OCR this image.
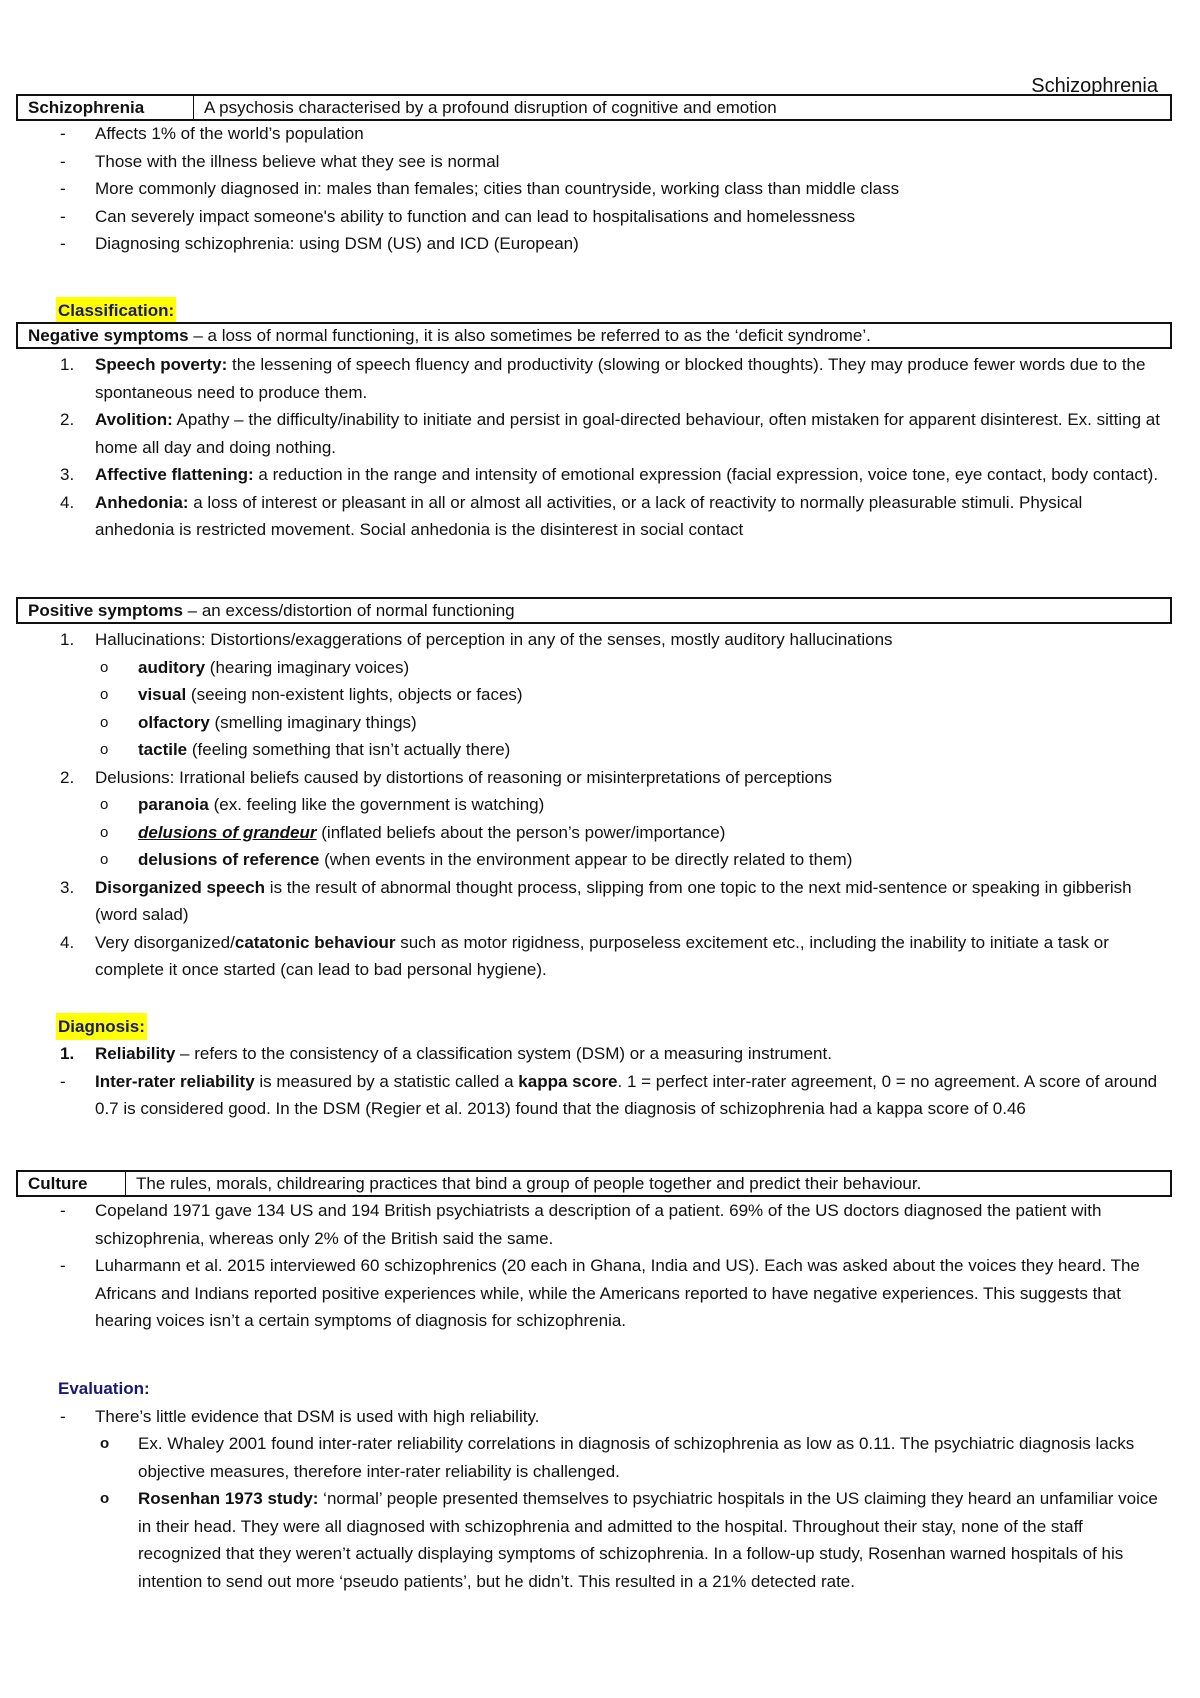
Schizophrenia
Schizophrenia	A psychosis characterised by a profound disruption of cognitive and emotion
-	Affects 1% of the world’s population
-	Those with the illness believe what they see is normal
-	More commonly diagnosed in: males than females; cities than countryside, working class than middle class
-	Can severely impact someone's ability to function and can lead to hospitalisations and homelessness
-	Diagnosing schizophrenia: using DSM (US) and ICD (European)
Classification:
Negative symptoms – a loss of normal functioning, it is also sometimes be referred to as the ‘deficit syndrome’.
1.	Speech poverty: the lessening of speech fluency and productivity (slowing or blocked thoughts). They may produce fewer words due to the spontaneous need to produce them.
2.	Avolition: Apathy – the difficulty/inability to initiate and persist in goal-directed behaviour, often mistaken for apparent disinterest. Ex. sitting at home all day and doing nothing.
3.	Affective flattening: a reduction in the range and intensity of emotional expression (facial expression, voice tone, eye contact, body contact).
4.	Anhedonia: a loss of interest or pleasant in all or almost all activities, or a lack of reactivity to normally pleasurable stimuli. Physical anhedonia is restricted movement. Social anhedonia is the disinterest in social contact
Positive symptoms – an excess/distortion of normal functioning
1.	Hallucinations: Distortions/exaggerations of perception in any of the senses, mostly auditory hallucinations
o	auditory (hearing imaginary voices)
o	visual (seeing non-existent lights, objects or faces)
o	olfactory (smelling imaginary things)
o	tactile (feeling something that isn’t actually there)
2.	Delusions: Irrational beliefs caused by distortions of reasoning or misinterpretations of perceptions
o	paranoia (ex. feeling like the government is watching)
o	delusions of grandeur (inflated beliefs about the person’s power/importance)
o	delusions of reference (when events in the environment appear to be directly related to them)
3.	Disorganized speech is the result of abnormal thought process, slipping from one topic to the next mid-sentence or speaking in gibberish (word salad)
4.	Very disorganized/catatonic behaviour such as motor rigidness, purposeless excitement etc., including the inability to initiate a task or complete it once started (can lead to bad personal hygiene).
Diagnosis:
1.	Reliability – refers to the consistency of a classification system (DSM) or a measuring instrument.
-	Inter-rater reliability is measured by a statistic called a kappa score. 1 = perfect inter-rater agreement, 0 = no agreement. A score of around 0.7 is considered good. In the DSM (Regier et al. 2013) found that the diagnosis of schizophrenia had a kappa score of 0.46
Culture	The rules, morals, childrearing practices that bind a group of people together and predict their behaviour.
-	Copeland 1971 gave 134 US and 194 British psychiatrists a description of a patient. 69% of the US doctors diagnosed the patient with schizophrenia, whereas only 2% of the British said the same.
-	Luharmann et al. 2015 interviewed 60 schizophrenics (20 each in Ghana, India and US). Each was asked about the voices they heard. The Africans and Indians reported positive experiences while, while the Americans reported to have negative experiences. This suggests that hearing voices isn’t a certain symptoms of diagnosis for schizophrenia.
Evaluation:
-	There’s little evidence that DSM is used with high reliability.
o	Ex. Whaley 2001 found inter-rater reliability correlations in diagnosis of schizophrenia as low as 0.11. The psychiatric diagnosis lacks objective measures, therefore inter-rater reliability is challenged.
o	Rosenhan 1973 study: ‘normal’ people presented themselves to psychiatric hospitals in the US claiming they heard an unfamiliar voice in their head. They were all diagnosed with schizophrenia and admitted to the hospital. Throughout their stay, none of the staff recognized that they weren’t actually displaying symptoms of schizophrenia. In a follow-up study, Rosenhan warned hospitals of his intention to send out more ‘pseudo patients’, but he didn’t. This resulted in a 21% detected rate.
